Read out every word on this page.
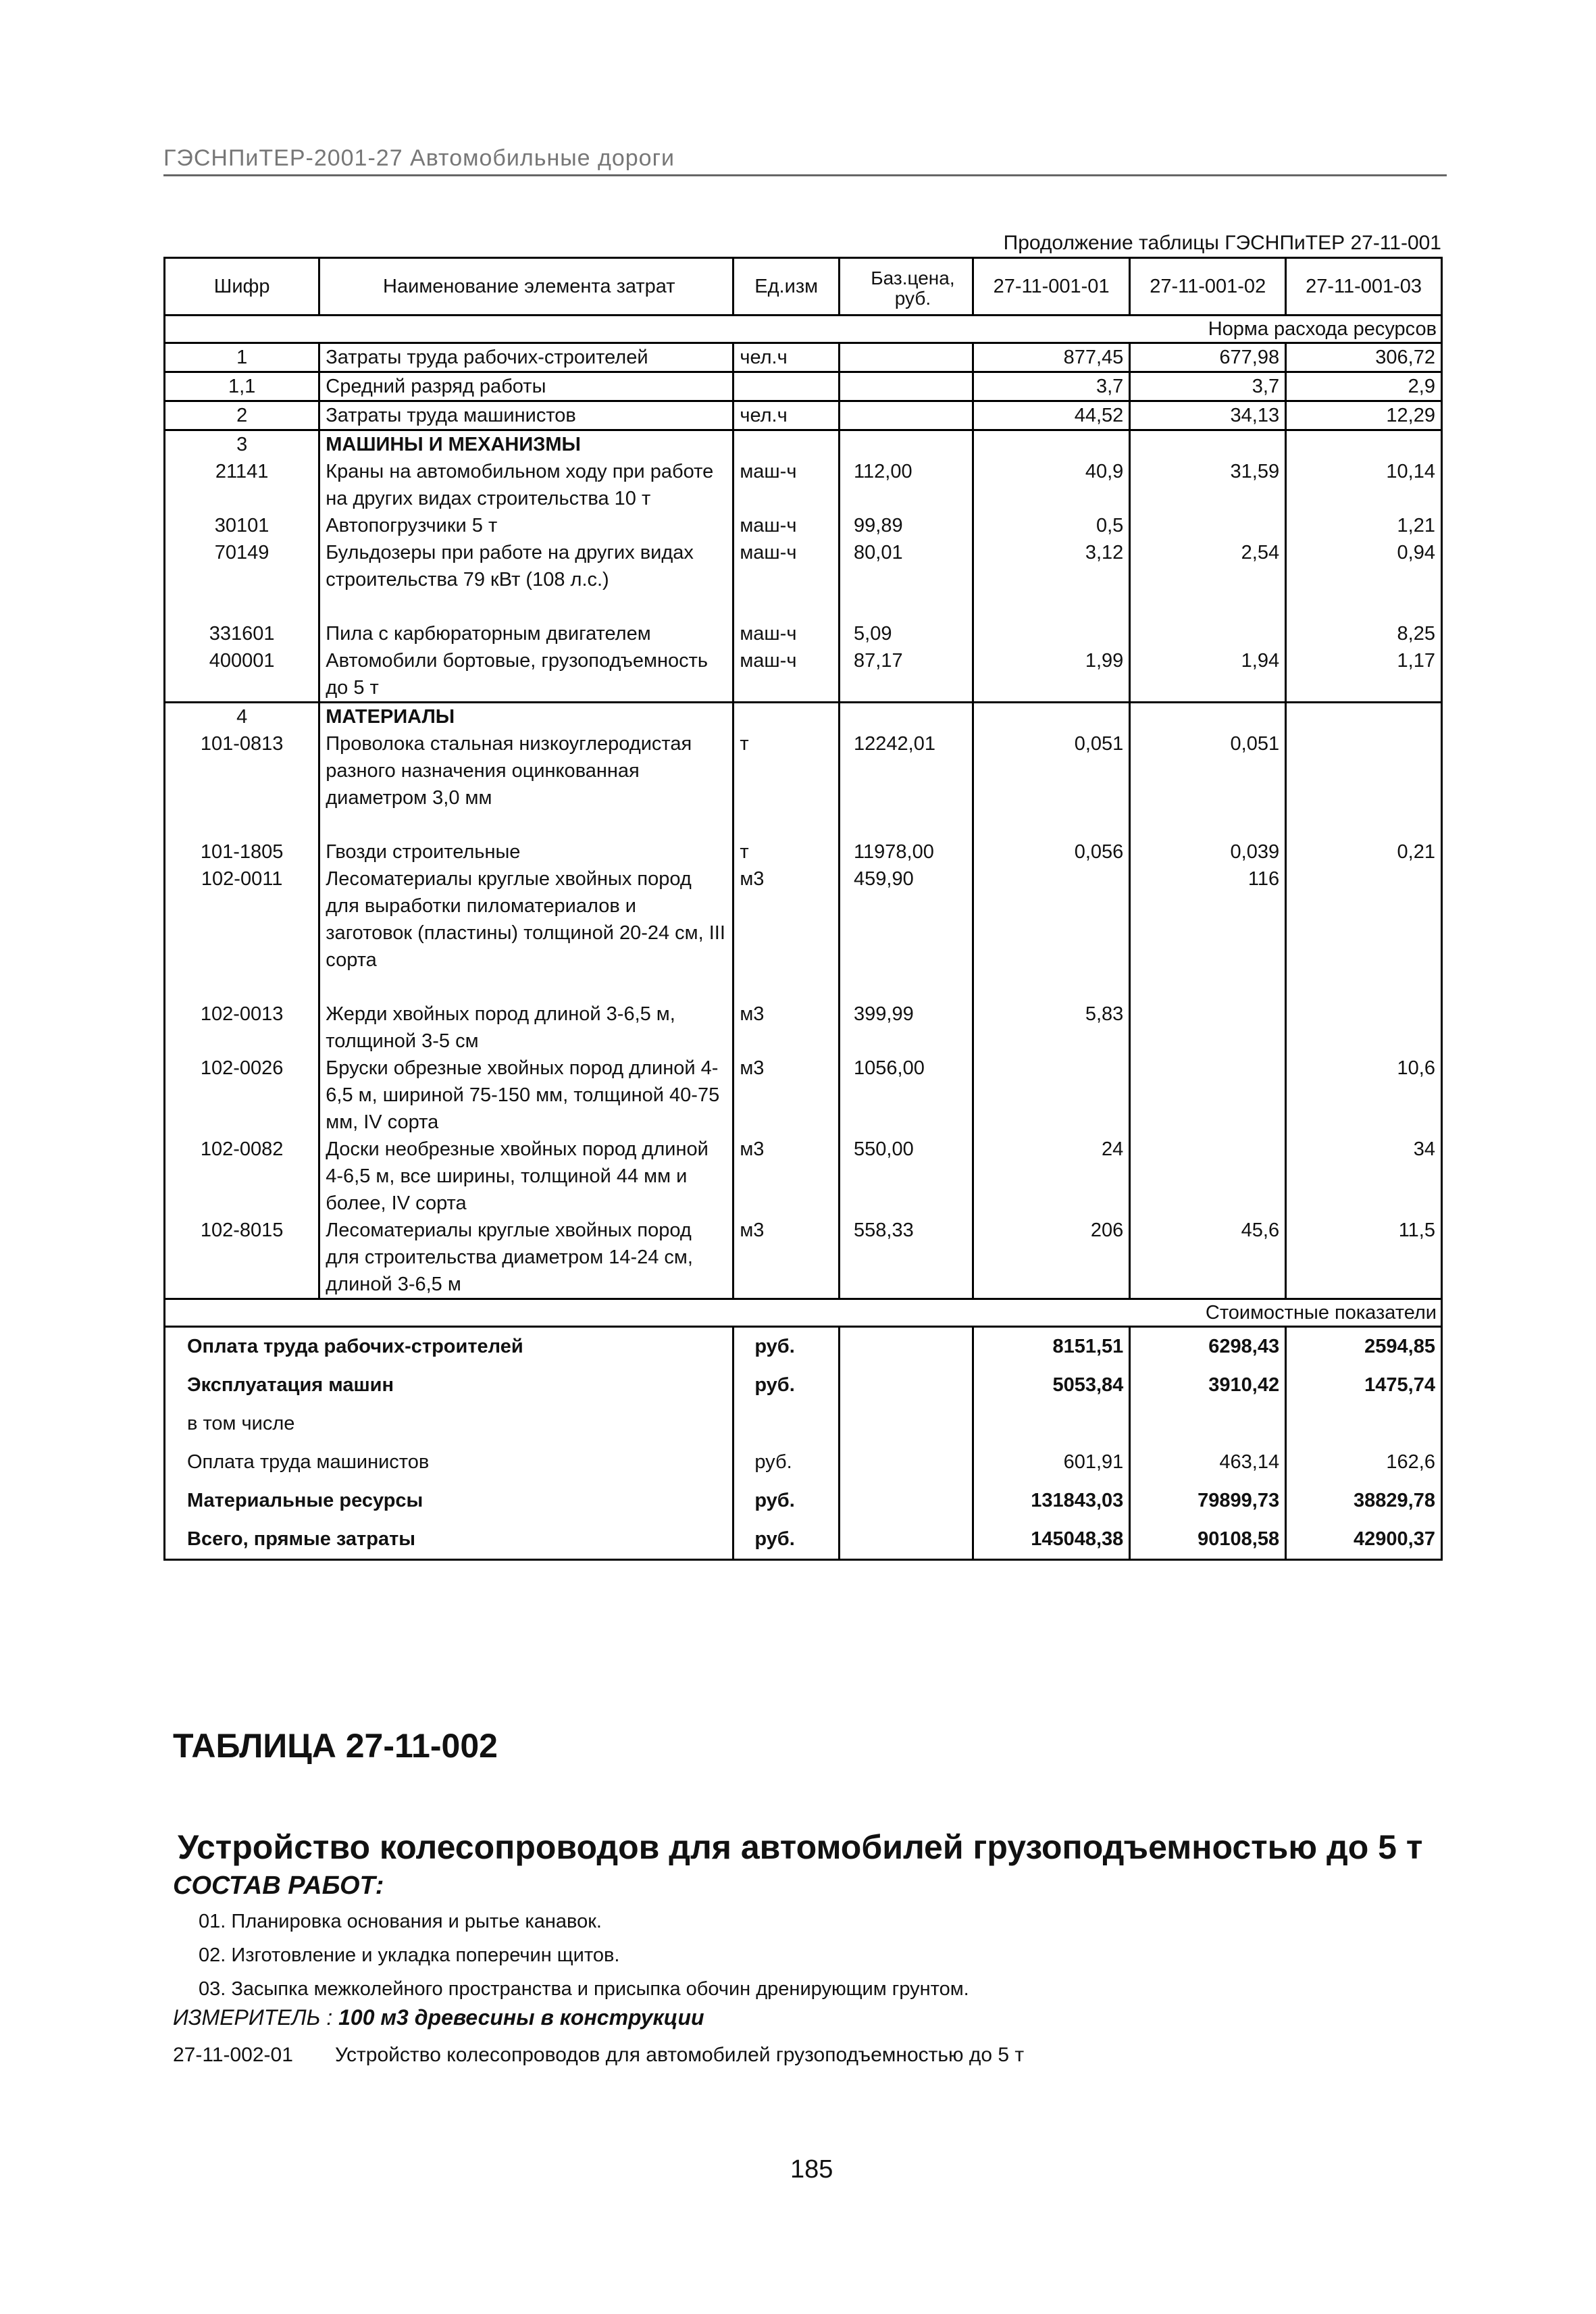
ГЭСНПиТЕР-2001-27 Автомобильные дороги
Продолжение таблицы ГЭСНПиТЕР 27-11-001
Шифр	Наименование элемента затрат	Ед.изм	Баз.цена, руб.	27-11-001-01	27-11-001-02	27-11-001-03
Норма расхода ресурсов						
1	Затраты труда рабочих-строителей	чел.ч		877,45	677,98	306,72
1,1	Средний разряд работы			3,7	3,7	2,9
2	Затраты труда машинистов	чел.ч		44,52	34,13	12,29
3	МАШИНЫ И МЕХАНИЗМЫ					
21141	Краны на автомобильном ходу при работе на других видах строительства 10 т	маш-ч	112,00	40,9	31,59	10,14
30101	Автопогрузчики 5 т	маш-ч	99,89	0,5		1,21
70149	Бульдозеры при работе на других видах строительства 79 кВт (108 л.с.)	маш-ч	80,01	3,12	2,54	0,94
331601	Пила с карбюраторным двигателем	маш-ч	5,09			8,25
400001	Автомобили бортовые, грузоподъемность до 5 т	маш-ч	87,17	1,99	1,94	1,17
4	МАТЕРИАЛЫ					
101-0813	Проволока стальная низкоуглеродистая разного назначения оцинкованная диаметром 3,0 мм	т	12242,01	0,051	0,051	
101-1805	Гвозди строительные	т	11978,00	0,056	0,039	0,21
102-0011	Лесоматериалы круглые хвойных пород для выработки пиломатериалов и заготовок (пластины) толщиной 20-24 см, III сорта	м3	459,90		116	
102-0013	Жерди хвойных пород длиной 3-6,5 м, толщиной 3-5 см	м3	399,99	5,83		
102-0026	Бруски обрезные хвойных пород длиной 4-6,5 м, шириной 75-150 мм, толщиной 40-75 мм, IV сорта	м3	1056,00			10,6
102-0082	Доски необрезные хвойных пород длиной 4-6,5 м, все ширины, толщиной 44 мм и более, IV сорта	м3	550,00	24		34
102-8015	Лесоматериалы круглые хвойных пород для строительства диаметром 14-24 см, длиной 3-6,5 м	м3	558,33	206	45,6	11,5
Стоимостные показатели						
Оплата труда рабочих-строителей		руб.		8151,51	6298,43	2594,85
Эксплуатация машин		руб.		5053,84	3910,42	1475,74
в том числе						
Оплата труда машинистов		руб.		601,91	463,14	162,6
Материальные ресурсы		руб.		131843,03	79899,73	38829,78
Всего, прямые затраты		руб.		145048,38	90108,58	42900,37
ТАБЛИЦА 27-11-002
Устройство колесопроводов для автомобилей грузоподъемностью до 5 т
СОСТАВ РАБОТ:
01. Планировка основания и рытье канавок.
02. Изготовление и укладка поперечин щитов.
03. Засыпка межколейного пространства и присыпка обочин дренирующим грунтом.
ИЗМЕРИТЕЛЬ : 100 м3 древесины в конструкции
27-11-002-01 Устройство колесопроводов для автомобилей грузоподъемностью до 5 т
185
